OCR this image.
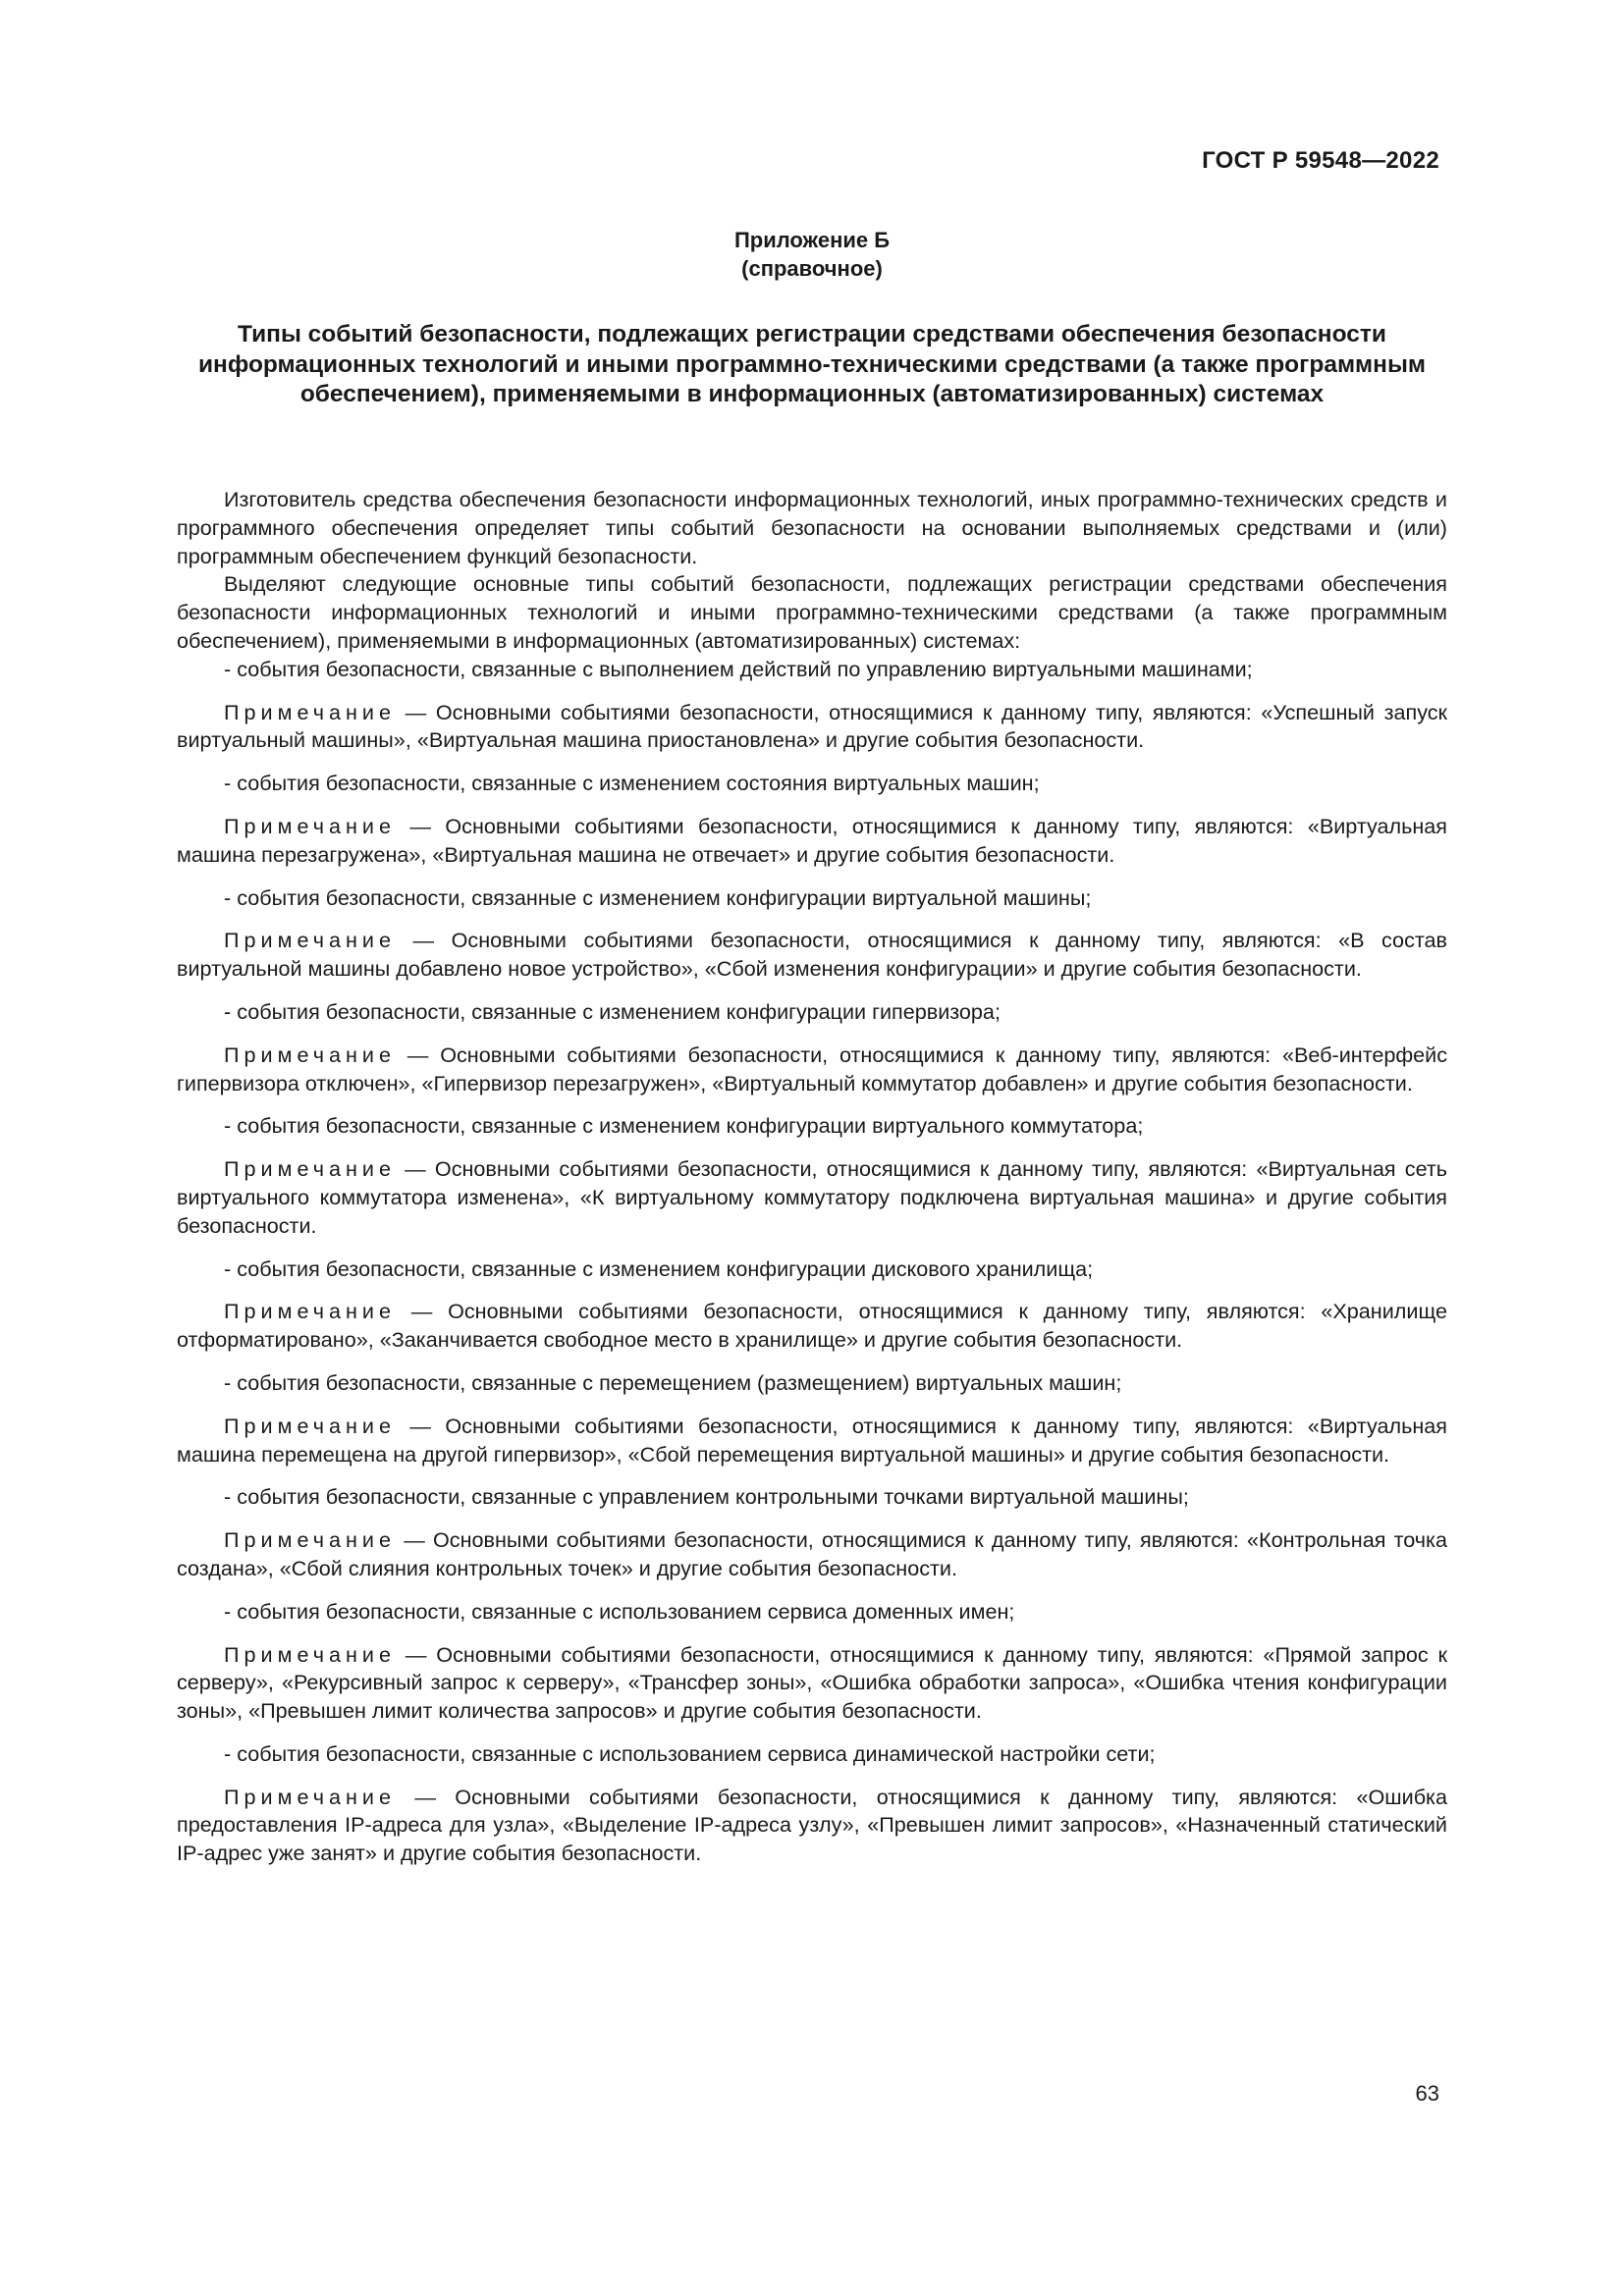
ГОСТ Р 59548—2022
Приложение Б
(справочное)
Типы событий безопасности, подлежащих регистрации средствами обеспечения безопасности информационных технологий и иными программно-техническими средствами (а также программным обеспечением), применяемыми в информационных (автоматизированных) системах

Изготовитель средства обеспечения безопасности информационных технологий, иных программно-технических средств и программного обеспечения определяет типы событий безопасности на основании выполняемых средствами и (или) программным обеспечением функций безопасности.

Выделяют следующие основные типы событий безопасности, подлежащих регистрации средствами обеспечения безопасности информационных технологий и иными программно-техническими средствами (а также программным обеспечением), применяемыми в информационных (автоматизированных) системах:

- события безопасности, связанные с выполнением действий по управлению виртуальными машинами;

Примечание — Основными событиями безопасности, относящимися к данному типу, являются: «Успешный запуск виртуальный машины», «Виртуальная машина приостановлена» и другие события безопасности.

- события безопасности, связанные с изменением состояния виртуальных машин;

Примечание — Основными событиями безопасности, относящимися к данному типу, являются: «Виртуальная машина перезагружена», «Виртуальная машина не отвечает» и другие события безопасности.

- события безопасности, связанные с изменением конфигурации виртуальной машины;

Примечание — Основными событиями безопасности, относящимися к данному типу, являются: «В состав виртуальной машины добавлено новое устройство», «Сбой изменения конфигурации» и другие события безопасности.

- события безопасности, связанные с изменением конфигурации гипервизора;

Примечание — Основными событиями безопасности, относящимися к данному типу, являются: «Веб-интерфейс гипервизора отключен», «Гипервизор перезагружен», «Виртуальный коммутатор добавлен» и другие события безопасности.

- события безопасности, связанные с изменением конфигурации виртуального коммутатора;

Примечание — Основными событиями безопасности, относящимися к данному типу, являются: «Виртуальная сеть виртуального коммутатора изменена», «К виртуальному коммутатору подключена виртуальная машина» и другие события безопасности.

- события безопасности, связанные с изменением конфигурации дискового хранилища;

Примечание — Основными событиями безопасности, относящимися к данному типу, являются: «Хранилище отформатировано», «Заканчивается свободное место в хранилище» и другие события безопасности.

- события безопасности, связанные с перемещением (размещением) виртуальных машин;

Примечание — Основными событиями безопасности, относящимися к данному типу, являются: «Виртуальная машина перемещена на другой гипервизор», «Сбой перемещения виртуальной машины» и другие события безопасности.

- события безопасности, связанные с управлением контрольными точками виртуальной машины;

Примечание — Основными событиями безопасности, относящимися к данному типу, являются: «Контрольная точка создана», «Сбой слияния контрольных точек» и другие события безопасности.

- события безопасности, связанные с использованием сервиса доменных имен;

Примечание — Основными событиями безопасности, относящимися к данному типу, являются: «Прямой запрос к серверу», «Рекурсивный запрос к серверу», «Трансфер зоны», «Ошибка обработки запроса», «Ошибка чтения конфигурации зоны», «Превышен лимит количества запросов» и другие события безопасности.

- события безопасности, связанные с использованием сервиса динамической настройки сети;

Примечание — Основными событиями безопасности, относящимися к данному типу, являются: «Ошибка предоставления IP-адреса для узла», «Выделение IP-адреса узлу», «Превышен лимит запросов», «Назначенный статический IP-адрес уже занят» и другие события безопасности.

63
